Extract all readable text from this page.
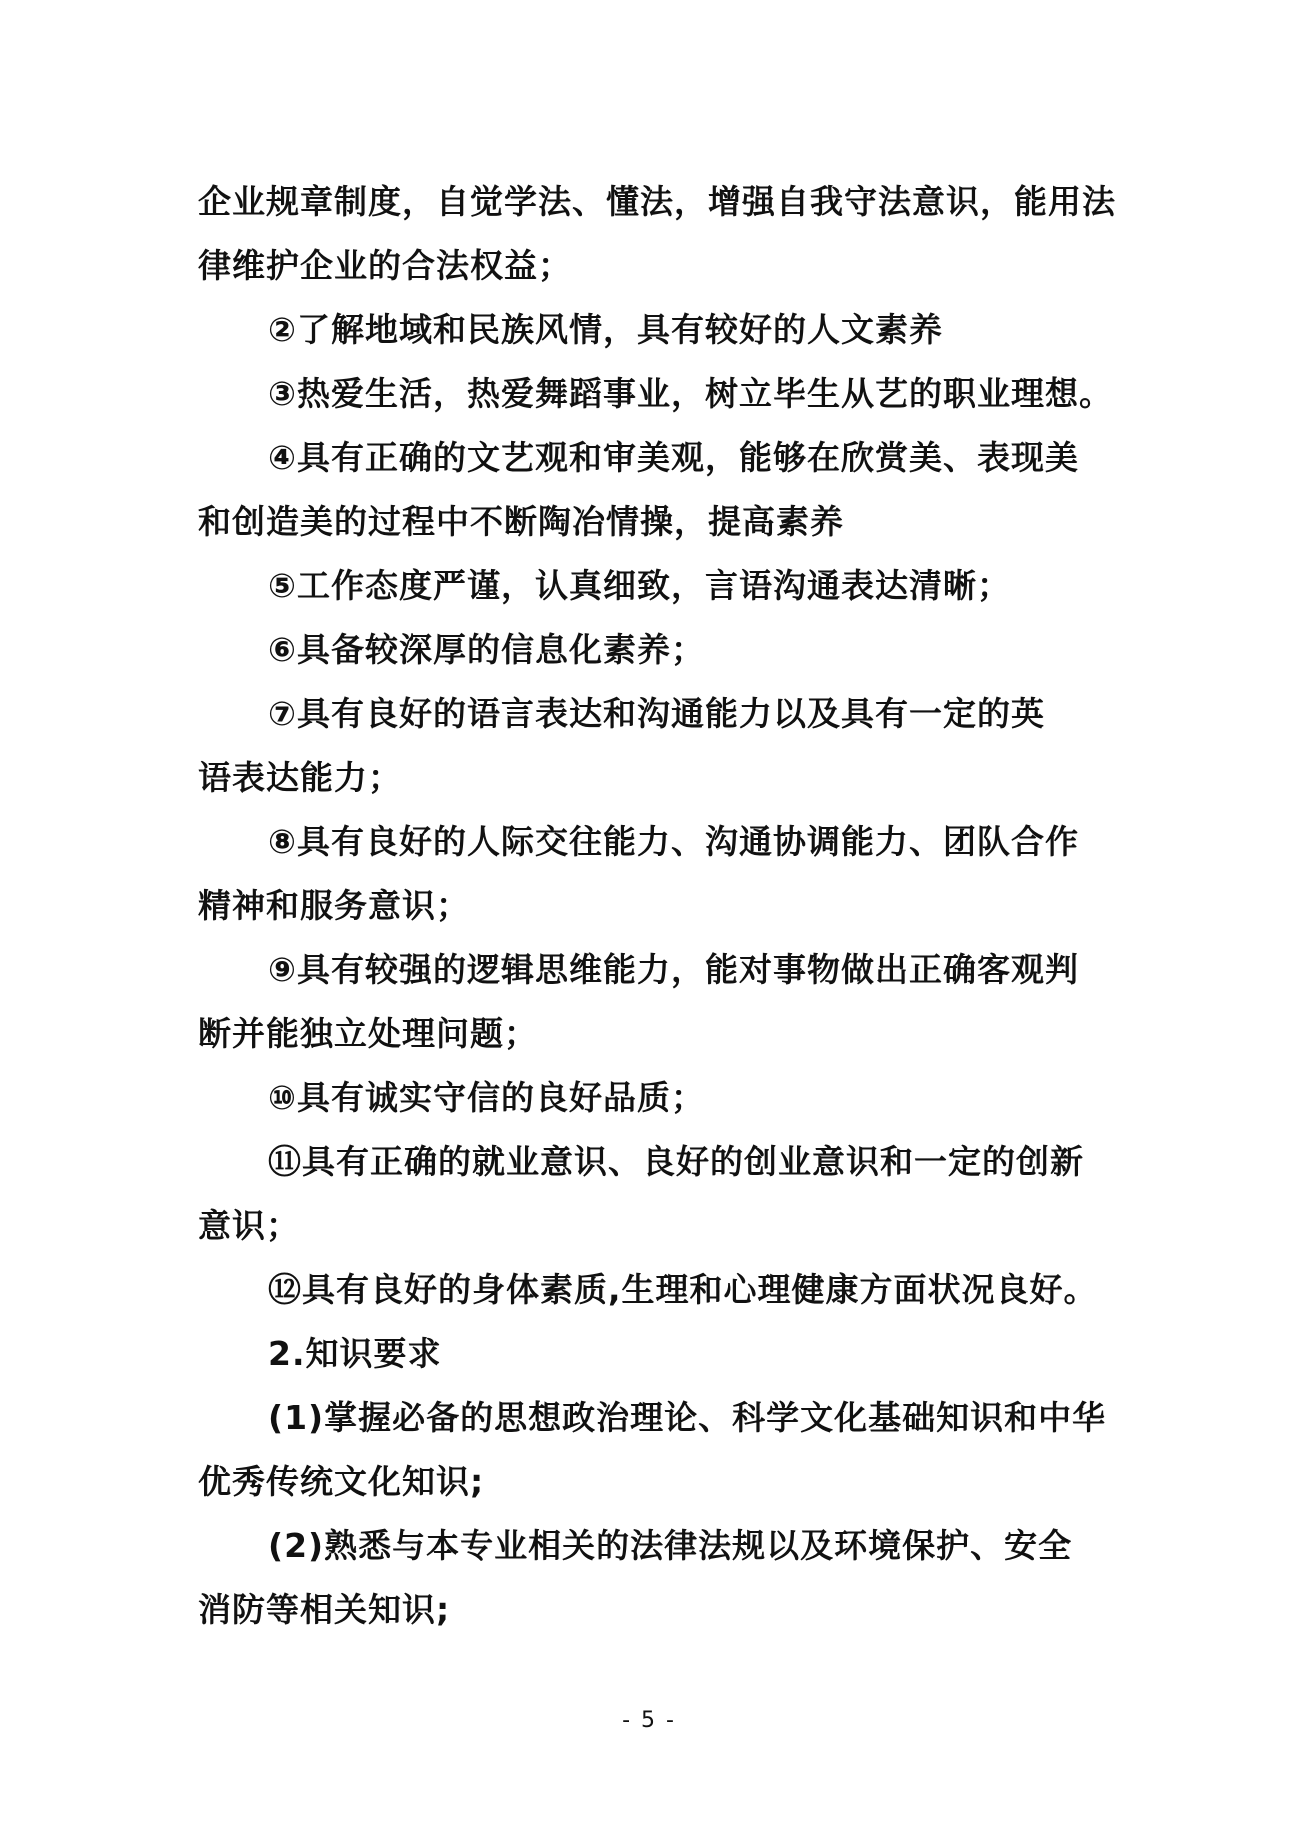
企业规章制度，自觉学法、懂法，增强自我守法意识，能用法
律维护企业的合法权益；

②了解地域和民族风情，具有较好的人文素养

③热爱生活，热爱舞蹈事业，树立毕生从艺的职业理想。

④具有正确的文艺观和审美观，能够在欣赏美、表现美
和创造美的过程中不断陶冶情操，提高素养

⑤工作态度严谨，认真细致，言语沟通表达清晰；

⑥具备较深厚的信息化素养；

⑦具有良好的语言表达和沟通能力以及具有一定的英
语表达能力；

⑧具有良好的人际交往能力、沟通协调能力、团队合作
精神和服务意识；

⑨具有较强的逻辑思维能力，能对事物做出正确客观判
断并能独立处理问题；

⑩具有诚实守信的良好品质；

⑪具有正确的就业意识、良好的创业意识和一定的创新
意识；

⑫具有良好的身体素质,生理和心理健康方面状况良好。

2.知识要求

(1)掌握必备的思想政治理论、科学文化基础知识和中华
优秀传统文化知识;

(2)熟悉与本专业相关的法律法规以及环境保护、安全
消防等相关知识;

- 5 -
